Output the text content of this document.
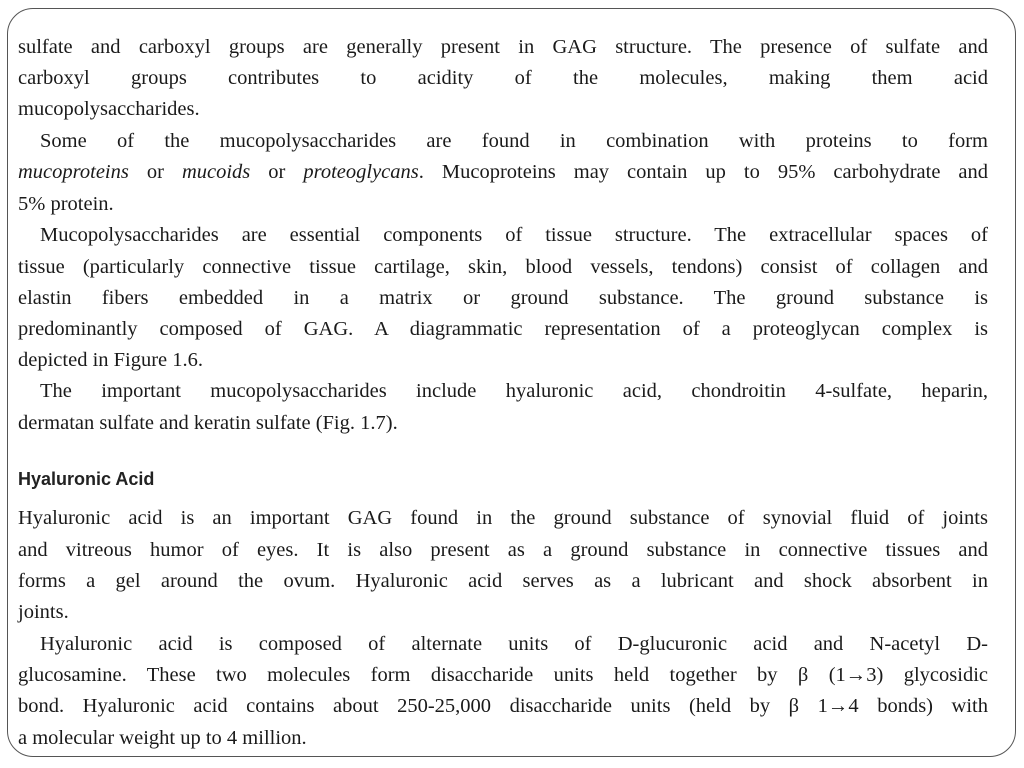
sulfate and carboxyl groups are generally present in GAG structure. The presence of sulfate and
carboxyl groups contributes to acidity of the molecules, making them acid
mucopolysaccharides.
Some of the mucopolysaccharides are found in combination with proteins to form
mucoproteins or mucoids or proteoglycans. Mucoproteins may contain up to 95% carbohydrate and
5% protein.
Mucopolysaccharides are essential components of tissue structure. The extracellular spaces of
tissue (particularly connective tissue cartilage, skin, blood vessels, tendons) consist of collagen and
elastin fibers embedded in a matrix or ground substance. The ground substance is
predominantly composed of GAG. A diagrammatic representation of a proteoglycan complex is
depicted in Figure 1.6.
The important mucopolysaccharides include hyaluronic acid, chondroitin 4-sulfate, heparin,
dermatan sulfate and keratin sulfate (Fig. 1.7).
Hyaluronic Acid
Hyaluronic acid is an important GAG found in the ground substance of synovial fluid of joints
and vitreous humor of eyes. It is also present as a ground substance in connective tissues and
forms a gel around the ovum. Hyaluronic acid serves as a lubricant and shock absorbent in
joints.
Hyaluronic acid is composed of alternate units of D-glucuronic acid and N-acetyl D-
glucosamine. These two molecules form disaccharide units held together by β (1→3) glycosidic
bond. Hyaluronic acid contains about 250-25,000 disaccharide units (held by β 1→4 bonds) with
a molecular weight up to 4 million.
